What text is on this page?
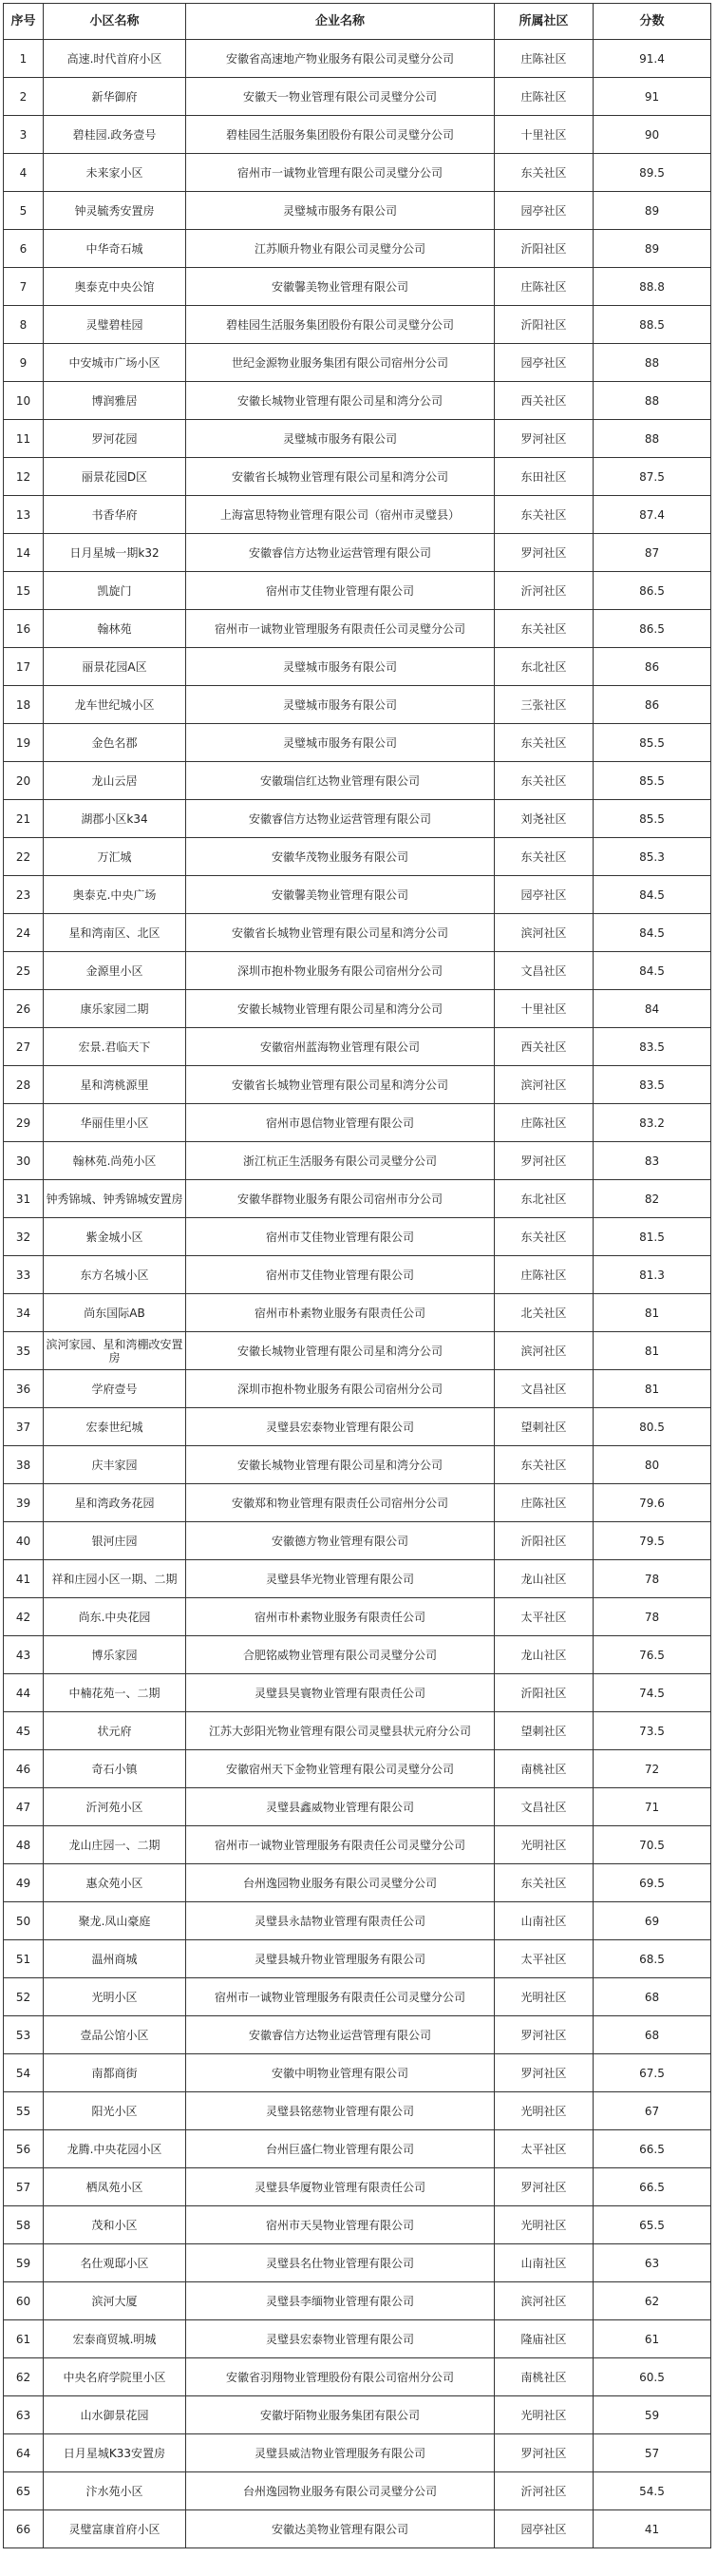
序号	小区名称	企业名称	所属社区	分数
1	高速.时代首府小区	安徽省高速地产物业服务有限公司灵璧分公司	庄陈社区	91.4
2	新华御府	安徽天一物业管理有限公司灵璧分公司	庄陈社区	91
3	碧桂园.政务壹号	碧桂园生活服务集团股份有限公司灵璧分公司	十里社区	90
4	未来家小区	宿州市一诚物业管理有限公司灵璧分公司	东关社区	89.5
5	钟灵毓秀安置房	灵璧城市服务有限公司	园亭社区	89
6	中华奇石城	江苏顺升物业有限公司灵璧分公司	沂阳社区	89
7	奥泰克中央公馆	安徽馨美物业管理有限公司	庄陈社区	88.8
8	灵璧碧桂园	碧桂园生活服务集团股份有限公司灵璧分公司	沂阳社区	88.5
9	中安城市广场小区	世纪金源物业服务集团有限公司宿州分公司	园亭社区	88
10	博润雅居	安徽长城物业管理有限公司星和湾分公司	西关社区	88
11	罗河花园	灵璧城市服务有限公司	罗河社区	88
12	丽景花园D区	安徽省长城物业管理有限公司星和湾分公司	东田社区	87.5
13	书香华府	上海富思特物业管理有限公司（宿州市灵璧县）	东关社区	87.4
14	日月星城一期k32	安徽睿信方达物业运营管理有限公司	罗河社区	87
15	凯旋门	宿州市艾佳物业管理有限公司	沂河社区	86.5
16	翰林苑	宿州市一诚物业管理服务有限责任公司灵璧分公司	东关社区	86.5
17	丽景花园A区	灵璧城市服务有限公司	东北社区	86
18	龙车世纪城小区	灵璧城市服务有限公司	三张社区	86
19	金色名郡	灵璧城市服务有限公司	东关社区	85.5
20	龙山云居	安徽瑞信红达物业管理有限公司	东关社区	85.5
21	湖郡小区k34	安徽睿信方达物业运营管理有限公司	刘尧社区	85.5
22	万汇城	安徽华茂物业服务有限公司	东关社区	85.3
23	奥泰克.中央广场	安徽馨美物业管理有限公司	园亭社区	84.5
24	星和湾南区、北区	安徽省长城物业管理有限公司星和湾分公司	滨河社区	84.5
25	金源里小区	深圳市抱朴物业服务有限公司宿州分公司	文昌社区	84.5
26	康乐家园二期	安徽长城物业管理有限公司星和湾分公司	十里社区	84
27	宏景.君临天下	安徽宿州蓝海物业管理有限公司	西关社区	83.5
28	星和湾桃源里	安徽省长城物业管理有限公司星和湾分公司	滨河社区	83.5
29	华丽佳里小区	宿州市恩信物业管理有限公司	庄陈社区	83.2
30	翰林苑.尚苑小区	浙江杭正生活服务有限公司灵璧分公司	罗河社区	83
31	钟秀锦城、钟秀锦城安置房	安徽华群物业服务有限公司宿州市分公司	东北社区	82
32	紫金城小区	宿州市艾佳物业管理有限公司	东关社区	81.5
33	东方名城小区	宿州市艾佳物业管理有限公司	庄陈社区	81.3
34	尚东国际AB	宿州市朴素物业服务有限责任公司	北关社区	81
35	滨河家园、星和湾棚改安置房	安徽长城物业管理有限公司星和湾分公司	滨河社区	81
36	学府壹号	深圳市抱朴物业服务有限公司宿州分公司	文昌社区	81
37	宏泰世纪城	灵璧县宏泰物业管理有限公司	望刺社区	80.5
38	庆丰家园	安徽长城物业管理有限公司星和湾分公司	东关社区	80
39	星和湾政务花园	安徽郑和物业管理有限责任公司宿州分公司	庄陈社区	79.6
40	银河庄园	安徽德方物业管理有限公司	沂阳社区	79.5
41	祥和庄园小区一期、二期	灵璧县华光物业管理有限公司	龙山社区	78
42	尚东.中央花园	宿州市朴素物业服务有限责任公司	太平社区	78
43	博乐家园	合肥铭威物业管理有限公司灵璧分公司	龙山社区	76.5
44	中楠花苑一、二期	灵璧县昊寰物业管理有限责任公司	沂阳社区	74.5
45	状元府	江苏大彭阳光物业管理有限公司灵璧县状元府分公司	望刺社区	73.5
46	奇石小镇	安徽宿州天下金物业管理有限公司灵璧分公司	南桃社区	72
47	沂河苑小区	灵璧县鑫威物业管理有限公司	文昌社区	71
48	龙山庄园一、二期	宿州市一诚物业管理服务有限责任公司灵璧分公司	光明社区	70.5
49	惠众苑小区	台州逸园物业服务有限公司灵璧分公司	东关社区	69.5
50	聚龙.凤山豪庭	灵璧县永喆物业管理有限责任公司	山南社区	69
51	温州商城	灵璧县城升物业管理服务有限公司	太平社区	68.5
52	光明小区	宿州市一诚物业管理服务有限责任公司灵璧分公司	光明社区	68
53	壹品公馆小区	安徽睿信方达物业运营管理有限公司	罗河社区	68
54	南都商街	安徽中明物业管理有限公司	罗河社区	67.5
55	阳光小区	灵璧县铭慈物业管理有限公司	光明社区	67
56	龙腾.中央花园小区	台州巨盛仁物业管理有限公司	太平社区	66.5
57	栖凤苑小区	灵璧县华厦物业管理有限责任公司	罗河社区	66.5
58	茂和小区	宿州市天昊物业管理有限公司	光明社区	65.5
59	名仕观邸小区	灵璧县名仕物业管理有限公司	山南社区	63
60	滨河大厦	灵璧县李缅物业管理有限公司	滨河社区	62
61	宏泰商贸城.明城	灵璧县宏泰物业管理有限公司	隆庙社区	61
62	中央名府学院里小区	安徽省羽翔物业管理股份有限公司宿州分公司	南桃社区	60.5
63	山水御景花园	安徽圩陌物业服务集团有限公司	光明社区	59
64	日月星城K33安置房	灵璧县威洁物业管理服务有限公司	罗河社区	57
65	汴水苑小区	台州逸园物业服务有限公司灵璧分公司	沂河社区	54.5
66	灵璧富康首府小区	安徽达美物业管理有限公司	园亭社区	41
